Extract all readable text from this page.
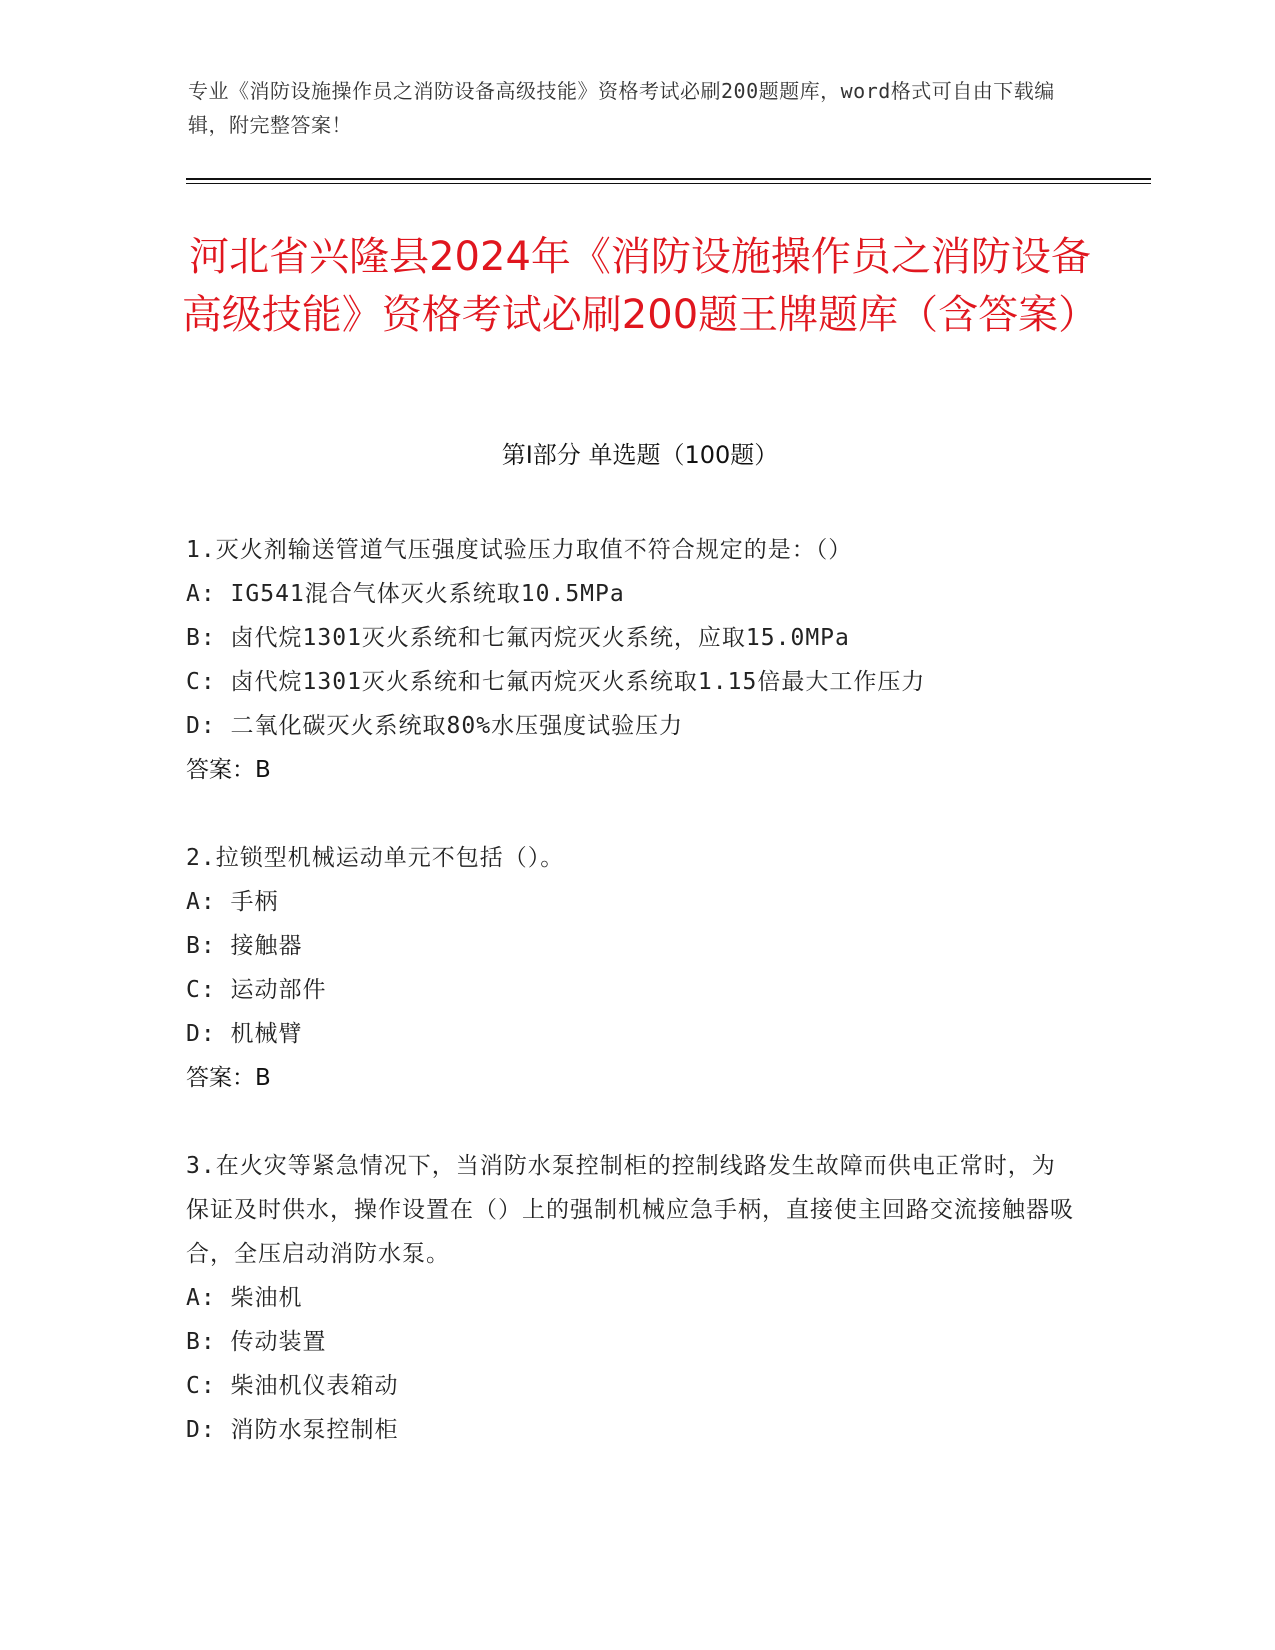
专业《消防设施操作员之消防设备高级技能》资格考试必刷200题题库，word格式可自由下载编辑，附完整答案！
河北省兴隆县2024年《消防设施操作员之消防设备高级技能》资格考试必刷200题王牌题库（含答案）
第I部分 单选题（100题）
1.灭火剂输送管道气压强度试验压力取值不符合规定的是：（）
A: IG541混合气体灭火系统取10.5MPa
B: 卤代烷1301灭火系统和七氟丙烷灭火系统，应取15.0MPa
C: 卤代烷1301灭火系统和七氟丙烷灭火系统取1.15倍最大工作压力
D: 二氧化碳灭火系统取80%水压强度试验压力
答案：B
2.拉锁型机械运动单元不包括（）。
A: 手柄
B: 接触器
C: 运动部件
D: 机械臂
答案：B
3.在火灾等紧急情况下，当消防水泵控制柜的控制线路发生故障而供电正常时，为保证及时供水，操作设置在（）上的强制机械应急手柄，直接使主回路交流接触器吸合，全压启动消防水泵。
A: 柴油机
B: 传动装置
C: 柴油机仪表箱动
D: 消防水泵控制柜
